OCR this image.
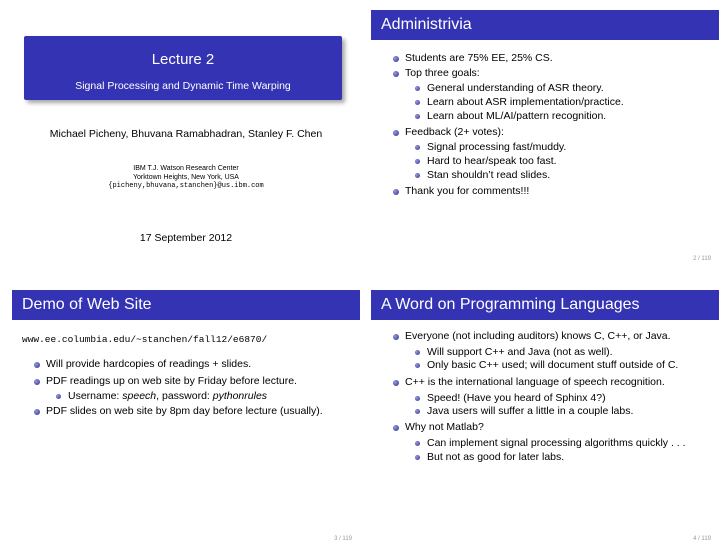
Lecture 2
Signal Processing and Dynamic Time Warping
Michael Picheny, Bhuvana Ramabhadran, Stanley F. Chen
IBM T.J. Watson Research Center
Yorktown Heights, New York, USA
{picheny,bhuvana,stanchen}@us.ibm.com
17 September 2012
Administrivia
Students are 75% EE, 25% CS.
Top three goals:
General understanding of ASR theory.
Learn about ASR implementation/practice.
Learn about ML/AI/pattern recognition.
Feedback (2+ votes):
Signal processing fast/muddy.
Hard to hear/speak too fast.
Stan shouldn’t read slides.
Thank you for comments!!!
2 / 119
Demo of Web Site
www.ee.columbia.edu/~stanchen/fall12/e6870/
Will provide hardcopies of readings + slides.
PDF readings up on web site by Friday before lecture.
Username: speech, password: pythonrules
PDF slides on web site by 8pm day before lecture (usually).
3 / 119
A Word on Programming Languages
Everyone (not including auditors) knows C, C++, or Java.
Will support C++ and Java (not as well).
Only basic C++ used; will document stuff outside of C.
C++ is the international language of speech recognition.
Speed! (Have you heard of Sphinx 4?)
Java users will suffer a little in a couple labs.
Why not Matlab?
Can implement signal processing algorithms quickly . . .
But not as good for later labs.
4 / 119
